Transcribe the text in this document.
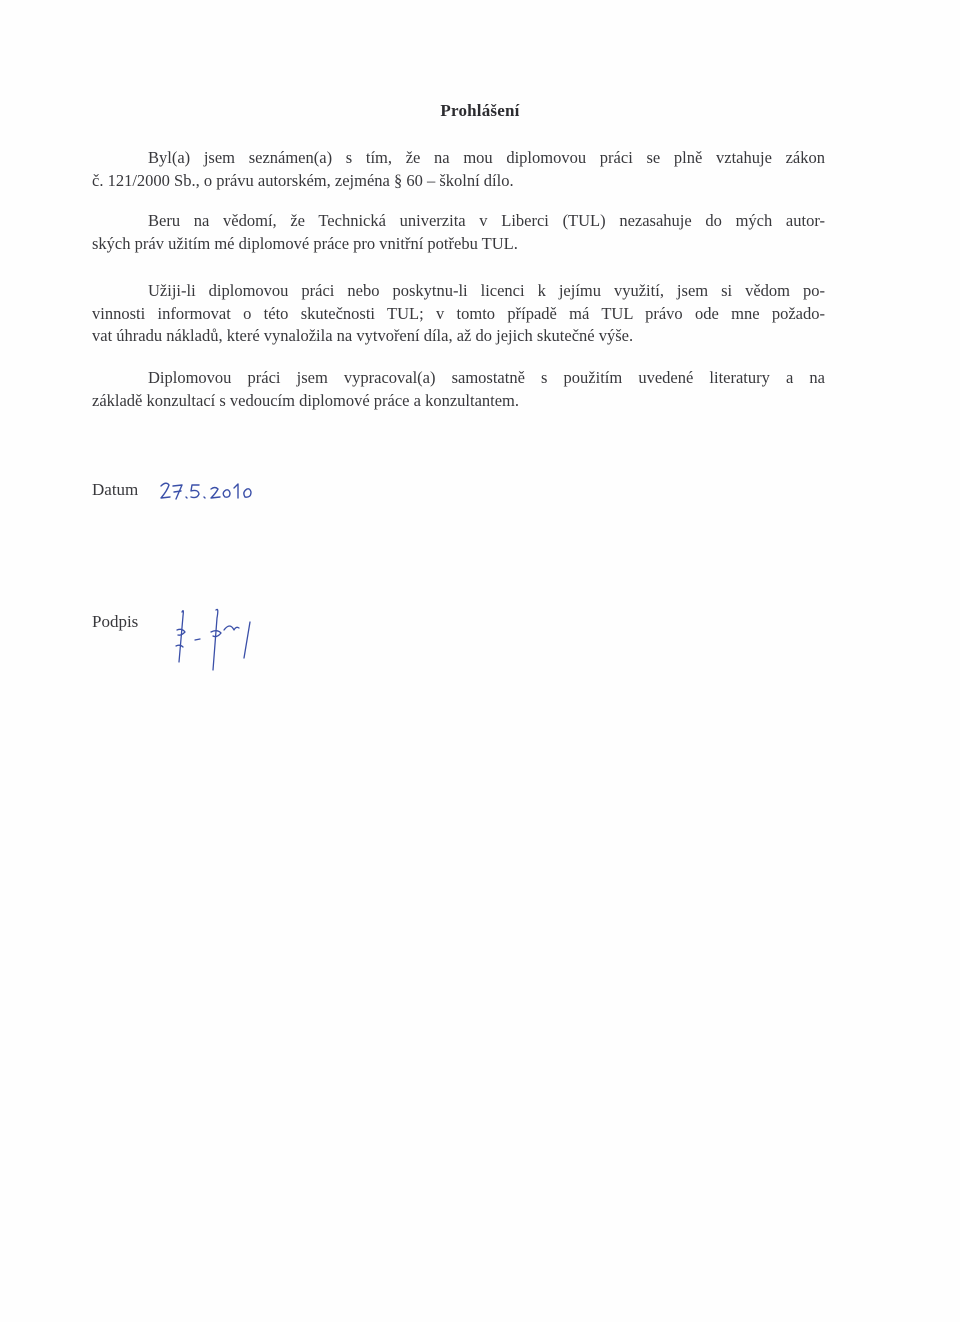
Prohlášení
Byl(a) jsem seznámen(a) s tím, že na mou diplomovou práci se plně vztahuje zákon
č. 121/2000 Sb., o právu autorském, zejména § 60 – školní dílo.
Beru na vědomí, že Technická univerzita v Liberci (TUL) nezasahuje do mých autor-
ských práv užitím mé diplomové práce pro vnitřní potřebu TUL.
Užiji-li diplomovou práci nebo poskytnu-li licenci k jejímu využití, jsem si vědom po-
vinnosti informovat o této skutečnosti TUL; v tomto případě má TUL právo ode mne požado-
vat úhradu nákladů, které vynaložila na vytvoření díla, až do jejich skutečné výše.
Diplomovou práci jsem vypracoval(a) samostatně s použitím uvedené literatury a na
základě konzultací s vedoucím diplomové práce a konzultantem.
Datum
Podpis
